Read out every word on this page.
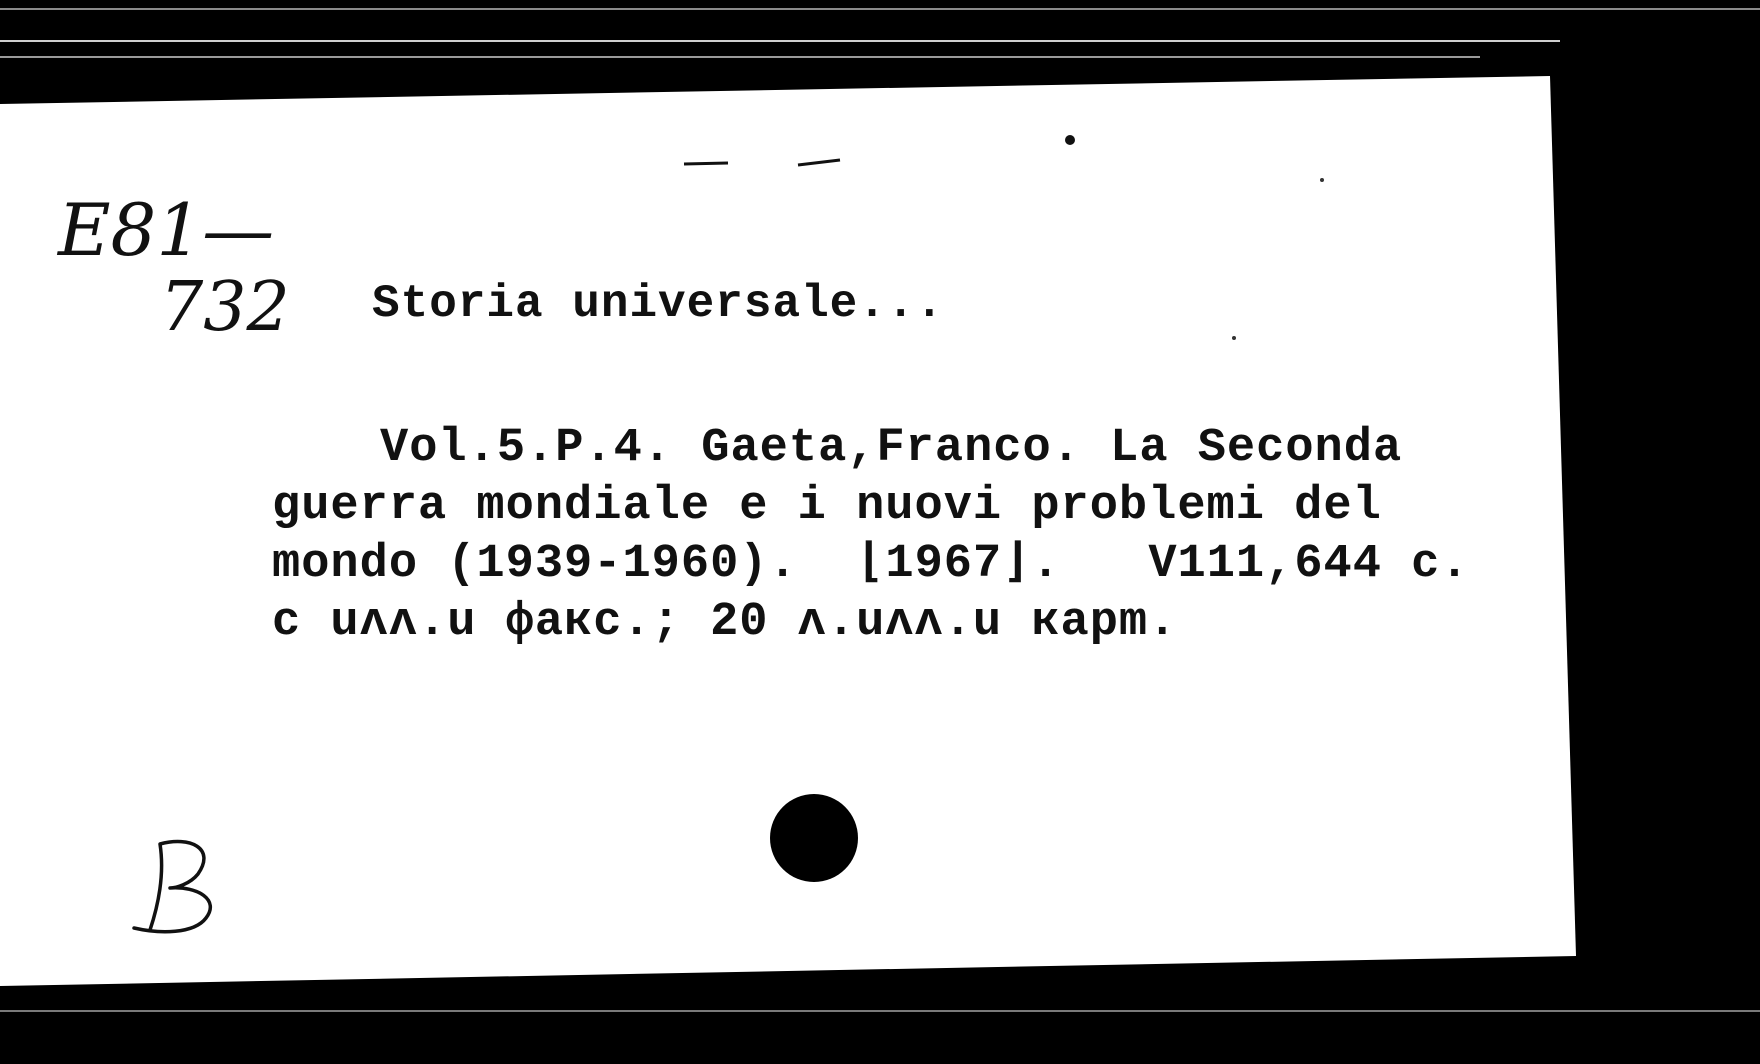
E81—
732 Storia universale...
Vol.5.P.4. Gaeta,Franco. La Seconda
guerra mondiale e i nuovi problemi del
mondo (1939-1960).  ⌊1967⌋.   V111,644 c.
c uʌʌ.u фaкc.; 20 ʌ.uʌʌ.u кapm.
